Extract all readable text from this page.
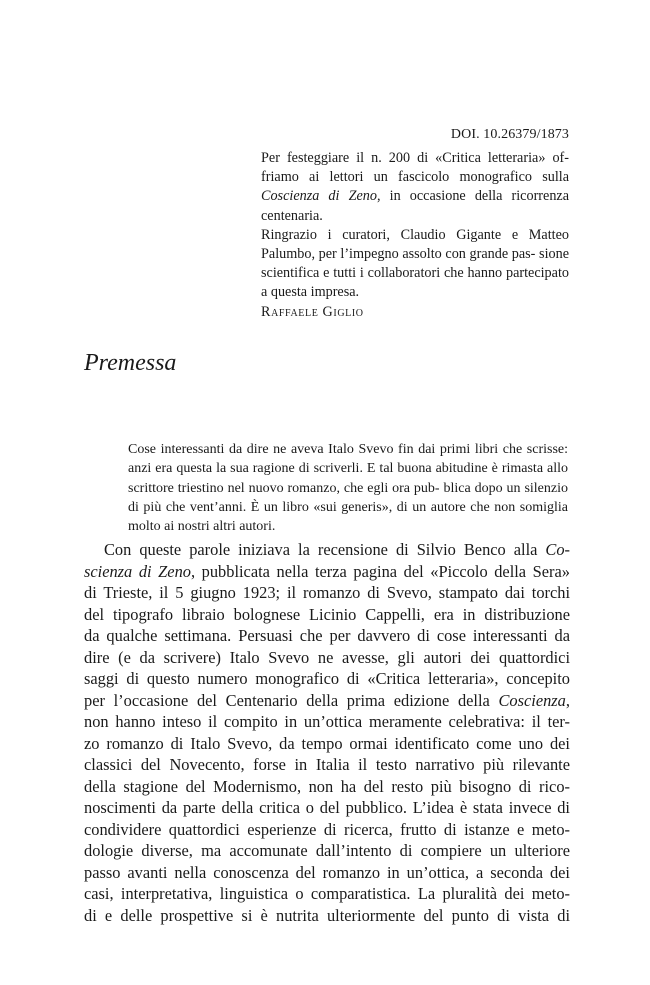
DOI. 10.26379/1873

Per festeggiare il n. 200 di «Critica letteraria» of- friamo ai lettori un fascicolo monografico sulla Coscienza di Zeno, in occasione della ricorrenza centenaria.

Ringrazio i curatori, Claudio Gigante e Matteo Palumbo, per l’impegno assolto con grande pas- sione scientifica e tutti i collaboratori che hanno partecipato a questa impresa.

Raffaele Giglio

Premessa
Cose interessanti da dire ne aveva Italo Svevo fin dai primi libri che scrisse: anzi era questa la sua ragione di scriverli. E tal buona abitudine è rimasta allo scrittore triestino nel nuovo romanzo, che egli ora pub- blica dopo un silenzio di più che vent’anni. È un libro «sui generis», di un autore che non somiglia molto ai nostri altri autori.
Con queste parole iniziava la recensione di Silvio Benco alla Co-
scienza di Zeno, pubblicata nella terza pagina del «Piccolo della Sera»
di Trieste, il 5 giugno 1923; il romanzo di Svevo, stampato dai torchi
del tipografo libraio bolognese Licinio Cappelli, era in distribuzione
da qualche settimana. Persuasi che per davvero di cose interessanti da
dire (e da scrivere) Italo Svevo ne avesse, gli autori dei quattordici
saggi di questo numero monografico di «Critica letteraria», concepito
per l’occasione del Centenario della prima edizione della Coscienza,
non hanno inteso il compito in un’ottica meramente celebrativa: il ter-
zo romanzo di Italo Svevo, da tempo ormai identificato come uno dei
classici del Novecento, forse in Italia il testo narrativo più rilevante
della stagione del Modernismo, non ha del resto più bisogno di rico-
noscimenti da parte della critica o del pubblico. L’idea è stata invece di
condividere quattordici esperienze di ricerca, frutto di istanze e meto-
dologie diverse, ma accomunate dall’intento di compiere un ulteriore
passo avanti nella conoscenza del romanzo in un’ottica, a seconda dei
casi, interpretativa, linguistica o comparatistica. La pluralità dei meto-
di e delle prospettive si è nutrita ulteriormente del punto di vista di
